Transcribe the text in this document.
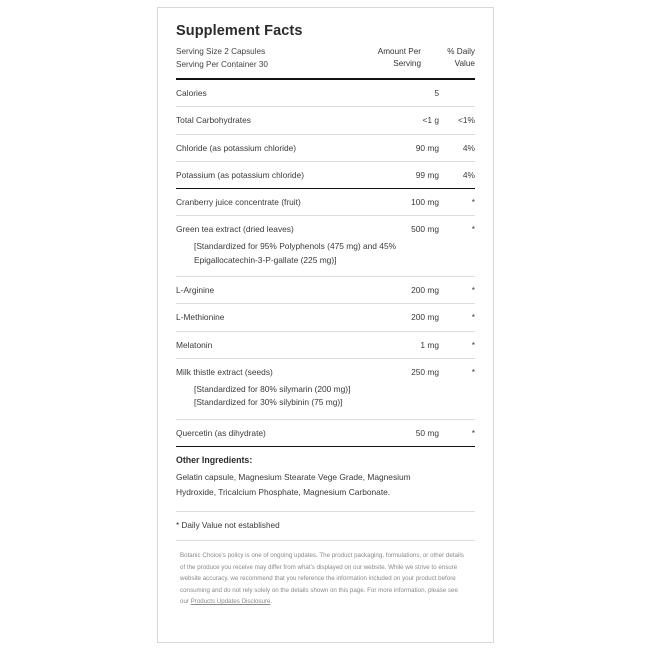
Supplement Facts
Serving Size 2 Capsules
Serving Per Container 30
Amount Per
Serving
% Daily
Value
Calories	5
Total Carbohydrates	<1 g	<1%
Chloride (as potassium chloride)	90 mg	4%
Potassium (as potassium chloride)	99 mg	4%
Cranberry juice concentrate (fruit)	100 mg	*
Green tea extract (dried leaves)	500 mg	*
[Standardized for 95% Polyphenols (475 mg) and 45%
Epigallocatechin-3-P-gallate (225 mg)]
L-Arginine	200 mg	*
L-Methionine	200 mg	*
Melatonin	1 mg	*
Milk thistle extract (seeds)	250 mg	*
[Standardized for 80% silymarin (200 mg)]
[Standardized for 30% silybinin (75 mg)]
Quercetin (as dihydrate)	50 mg	*
Other Ingredients:
Gelatin capsule, Magnesium Stearate Vege Grade, Magnesium
Hydroxide, Tricalcium Phosphate, Magnesium Carbonate.
* Daily Value not established
Botanic Choice's policy is one of ongoing updates. The product packaging, formulations, or other details
of the produce you receive may differ from what's displayed on our website. While we strive to ensure
website accuracy, we recommend that you reference the information included on your product before
consuming and do not rely solely on the details shown on this page. For more information, please see
our Products Updates Disclosure.
